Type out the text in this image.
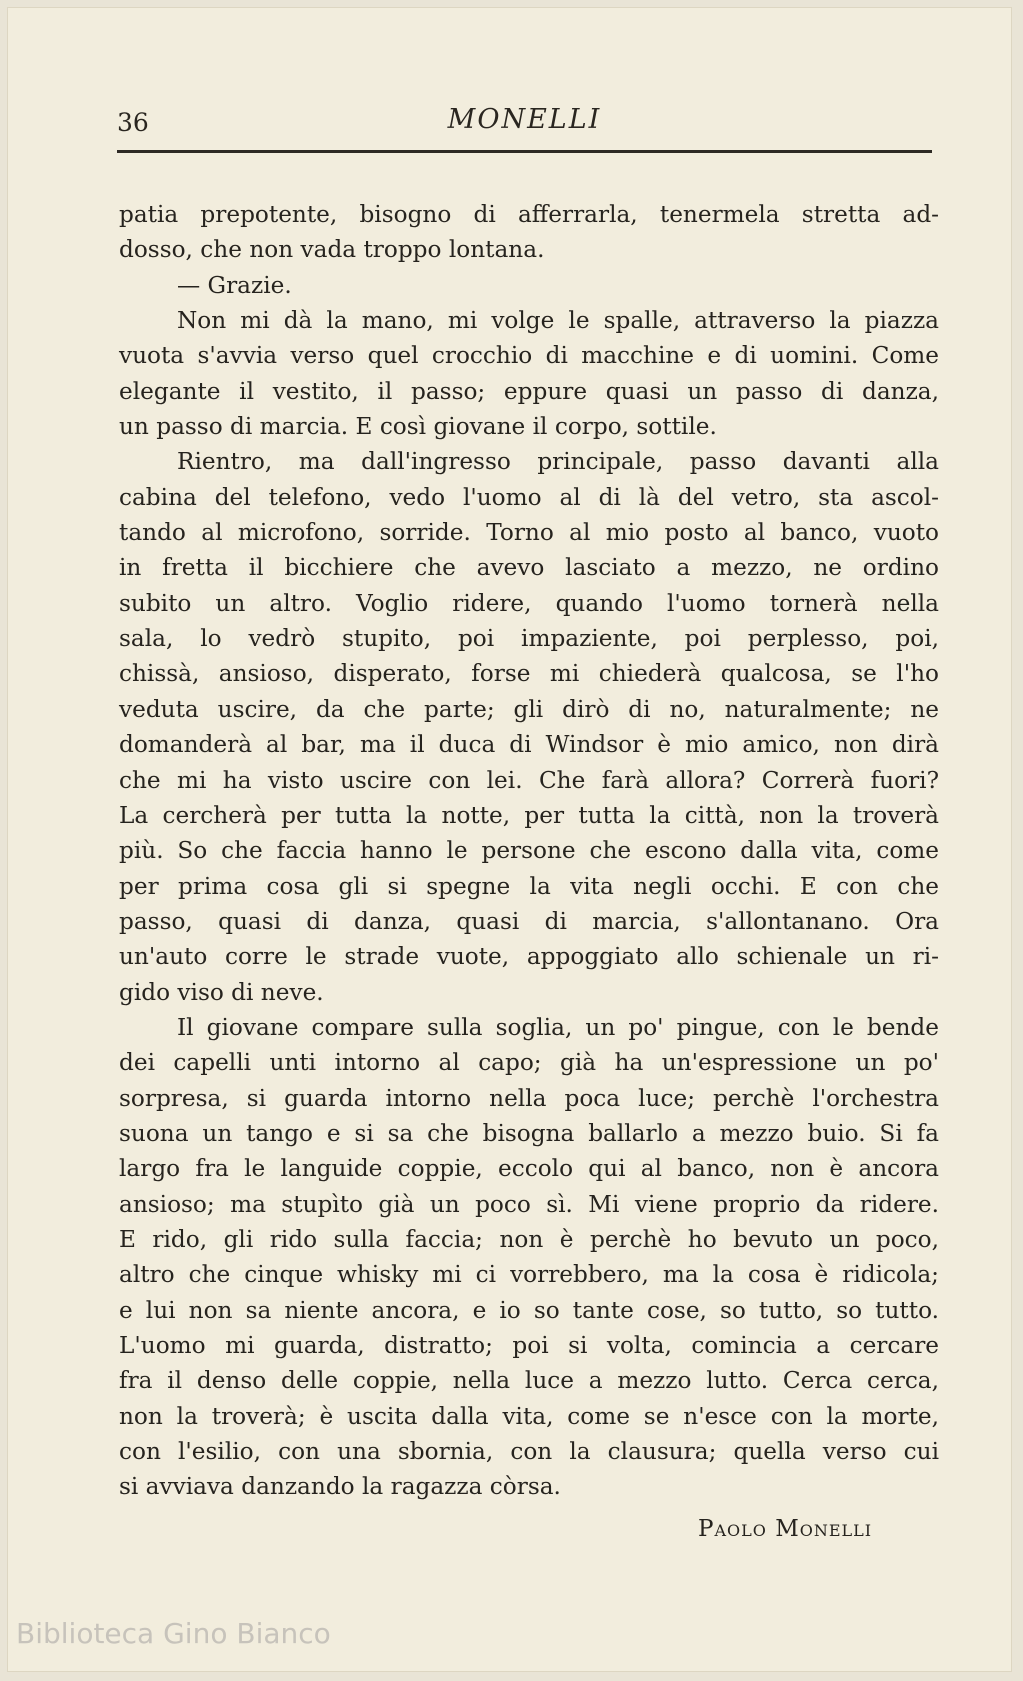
36	MONELLI
patia prepotente, bisogno di afferrarla, tenermela stretta ad-
dosso, che non vada troppo lontana.
— Grazie.
Non mi dà la mano, mi volge le spalle, attraverso la piazza
vuota s'avvia verso quel crocchio di macchine e di uomini. Come
elegante il vestito, il passo; eppure quasi un passo di danza,
un passo di marcia. E così giovane il corpo, sottile.
Rientro, ma dall'ingresso principale, passo davanti alla
cabina del telefono, vedo l'uomo al di là del vetro, sta ascol-
tando al microfono, sorride. Torno al mio posto al banco, vuoto
in fretta il bicchiere che avevo lasciato a mezzo, ne ordino
subito un altro. Voglio ridere, quando l'uomo tornerà nella
sala, lo vedrò stupito, poi impaziente, poi perplesso, poi,
chissà, ansioso, disperato, forse mi chiederà qualcosa, se l'ho
veduta uscire, da che parte; gli dirò di no, naturalmente; ne
domanderà al bar, ma il duca di Windsor è mio amico, non dirà
che mi ha visto uscire con lei. Che farà allora? Correrà fuori?
La cercherà per tutta la notte, per tutta la città, non la troverà
più. So che faccia hanno le persone che escono dalla vita, come
per prima cosa gli si spegne la vita negli occhi. E con che
passo, quasi di danza, quasi di marcia, s'allontanano. Ora
un'auto corre le strade vuote, appoggiato allo schienale un ri-
gido viso di neve.
Il giovane compare sulla soglia, un po' pingue, con le bende
dei capelli unti intorno al capo; già ha un'espressione un po'
sorpresa, si guarda intorno nella poca luce; perchè l'orchestra
suona un tango e si sa che bisogna ballarlo a mezzo buio. Si fa
largo fra le languide coppie, eccolo qui al banco, non è ancora
ansioso; ma stupìto già un poco sì. Mi viene proprio da ridere.
E rido, gli rido sulla faccia; non è perchè ho bevuto un poco,
altro che cinque whisky mi ci vorrebbero, ma la cosa è ridicola;
e lui non sa niente ancora, e io so tante cose, so tutto, so tutto.
L'uomo mi guarda, distratto; poi si volta, comincia a cercare
fra il denso delle coppie, nella luce a mezzo lutto. Cerca cerca,
non la troverà; è uscita dalla vita, come se n'esce con la morte,
con l'esilio, con una sbornia, con la clausura; quella verso cui
si avviava danzando la ragazza còrsa.
Paolo Monelli
Biblioteca Gino Bianco
